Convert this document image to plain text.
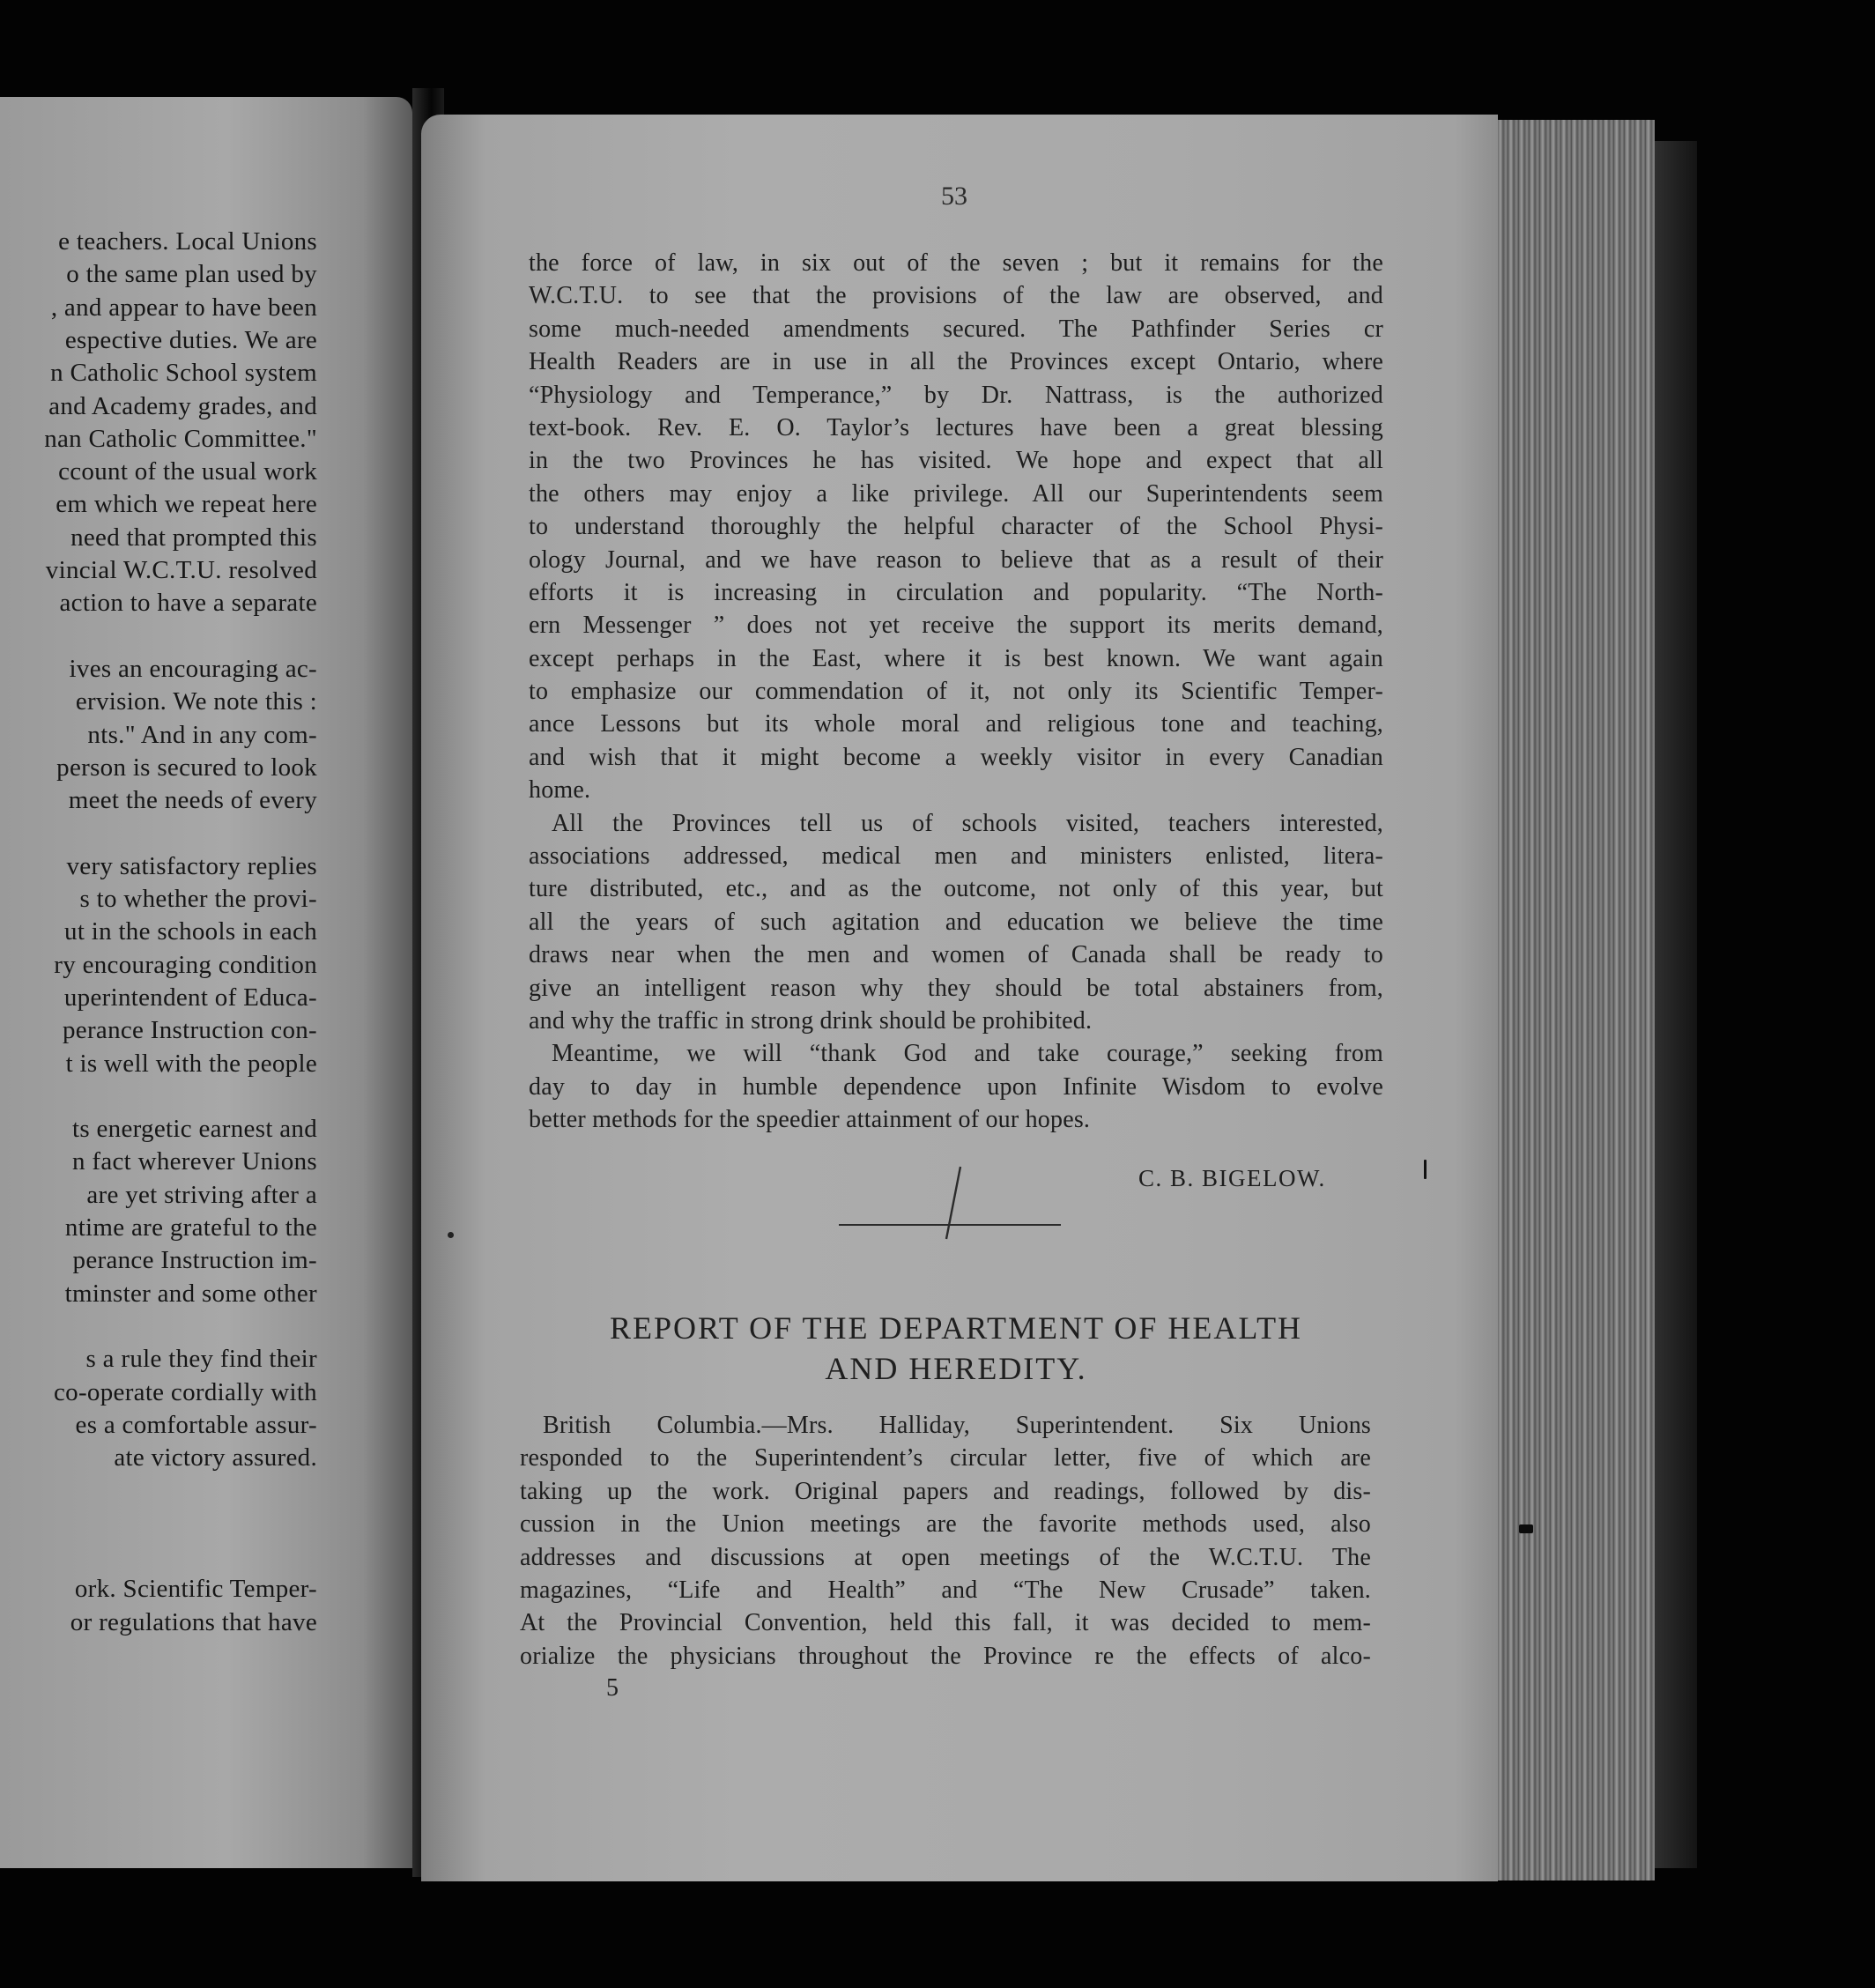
e teachers. Local Unions
o the same plan used by
, and appear to have been
espective duties. We are
n Catholic School system
and Academy grades, and
nan Catholic Committee."
ccount of the usual work
em which we repeat here
need that prompted this
vincial W.C.T.U. resolved
action to have a separate
ives an encouraging ac-
ervision. We note this :
nts." And in any com-
person is secured to look
meet the needs of every
very satisfactory replies
s to whether the provi-
ut in the schools in each
ry encouraging condition
uperintendent of Educa-
perance Instruction con-
t is well with the people
ts energetic earnest and
n fact wherever Unions
are yet striving after a
ntime are grateful to the
perance Instruction im-
tminster and some other
s a rule they find their
co-operate cordially with
es a comfortable assur-
ate victory assured.
ork. Scientific Temper-
or regulations that have
53
the force of law, in six out of the seven ; but it remains for the
W.C.T.U. to see that the provisions of the law are observed, and
some much-needed amendments secured. The Pathfinder Series cr
Health Readers are in use in all the Provinces except Ontario, where
“Physiology and Temperance,” by Dr. Nattrass, is the authorized
text-book. Rev. E. O. Taylor’s lectures have been a great blessing
in the two Provinces he has visited. We hope and expect that all
the others may enjoy a like privilege. All our Superintendents seem
to understand thoroughly the helpful character of the School Physi-
ology Journal, and we have reason to believe that as a result of their
efforts it is increasing in circulation and popularity. “The North-
ern Messenger ” does not yet receive the support its merits demand,
except perhaps in the East, where it is best known. We want again
to emphasize our commendation of it, not only its Scientific Temper-
ance Lessons but its whole moral and religious tone and teaching,
and wish that it might become a weekly visitor in every Canadian
home.
All the Provinces tell us of schools visited, teachers interested,
associations addressed, medical men and ministers enlisted, litera-
ture distributed, etc., and as the outcome, not only of this year, but
all the years of such agitation and education we believe the time
draws near when the men and women of Canada shall be ready to
give an intelligent reason why they should be total abstainers from,
and why the traffic in strong drink should be prohibited.
Meantime, we will “thank God and take courage,” seeking from
day to day in humble dependence upon Infinite Wisdom to evolve
better methods for the speedier attainment of our hopes.
C. B. BIGELOW.
REPORT OF THE DEPARTMENT OF HEALTH
AND HEREDITY.
British Columbia.—Mrs. Halliday, Superintendent. Six Unions
responded to the Superintendent’s circular letter, five of which are
taking up the work. Original papers and readings, followed by dis-
cussion in the Union meetings are the favorite methods used, also
addresses and discussions at open meetings of the W.C.T.U. The
magazines, “Life and Health” and “The New Crusade” taken.
At the Provincial Convention, held this fall, it was decided to mem-
orialize the physicians throughout the Province re the effects of alco-
5
